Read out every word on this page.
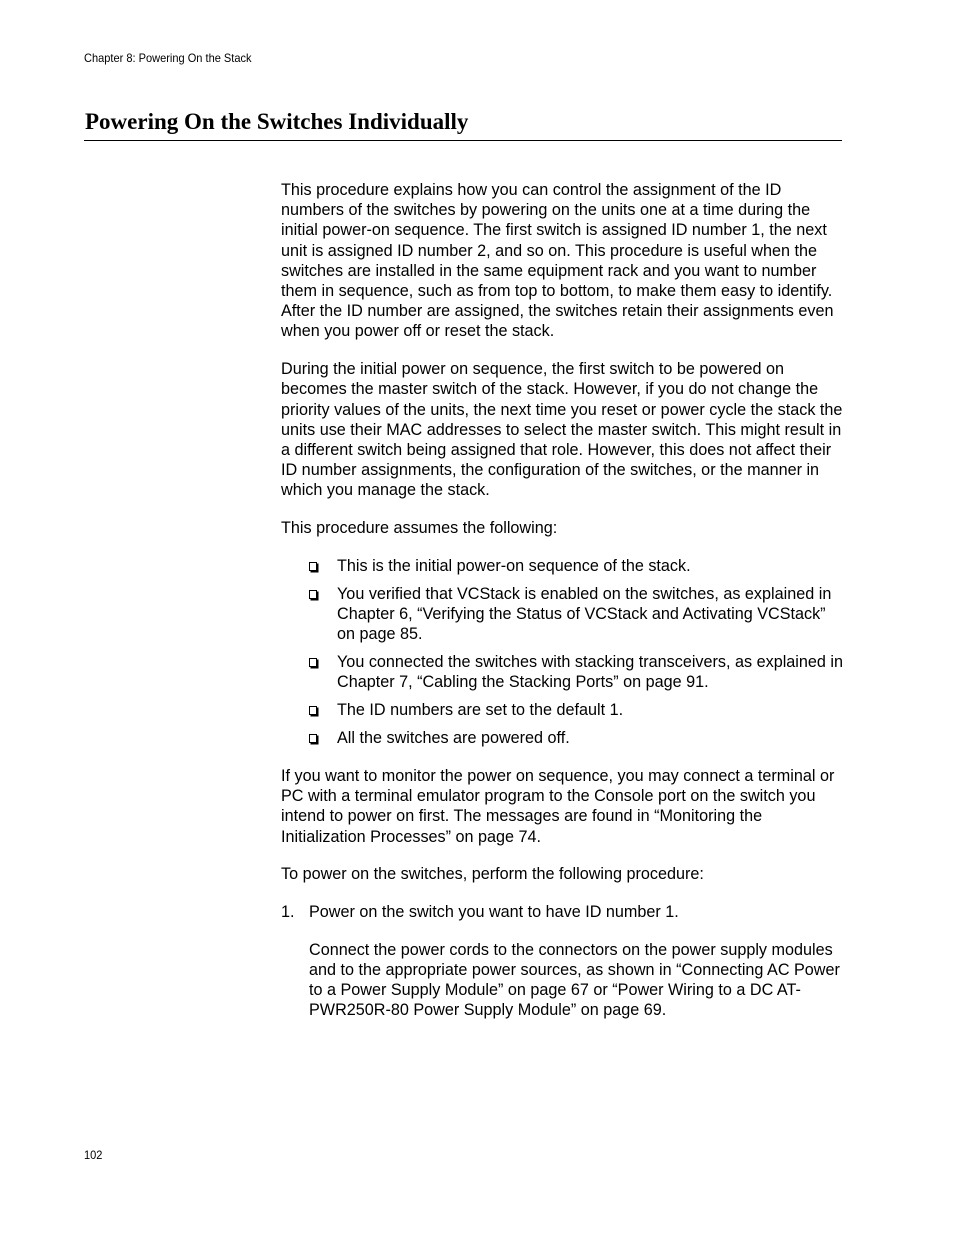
Chapter 8: Powering On the Stack
Powering On the Switches Individually

This procedure explains how you can control the assignment of the ID numbers of the switches by powering on the units one at a time during the initial power-on sequence. The first switch is assigned ID number 1, the next unit is assigned ID number 2, and so on. This procedure is useful when the switches are installed in the same equipment rack and you want to number them in sequence, such as from top to bottom, to make them easy to identify. After the ID number are assigned, the switches retain their assignments even when you power off or reset the stack.

During the initial power on sequence, the first switch to be powered on becomes the master switch of the stack. However, if you do not change the priority values of the units, the next time you reset or power cycle the stack the units use their MAC addresses to select the master switch. This might result in a different switch being assigned that role. However, this does not affect their ID number assignments, the configuration of the switches, or the manner in which you manage the stack.

This procedure assumes the following:

This is the initial power-on sequence of the stack.
You verified that VCStack is enabled on the switches, as explained in Chapter 6, “Verifying the Status of VCStack and Activating VCStack” on page 85.
You connected the switches with stacking transceivers, as explained in Chapter 7, “Cabling the Stacking Ports” on page 91.
The ID numbers are set to the default 1.
All the switches are powered off.

If you want to monitor the power on sequence, you may connect a terminal or PC with a terminal emulator program to the Console port on the switch you intend to power on first. The messages are found in “Monitoring the Initialization Processes” on page 74.

To power on the switches, perform the following procedure:

1. Power on the switch you want to have ID number 1.

Connect the power cords to the connectors on the power supply modules and to the appropriate power sources, as shown in “Connecting AC Power to a Power Supply Module” on page 67 or “Power Wiring to a DC AT-PWR250R-80 Power Supply Module” on page 69.

102
